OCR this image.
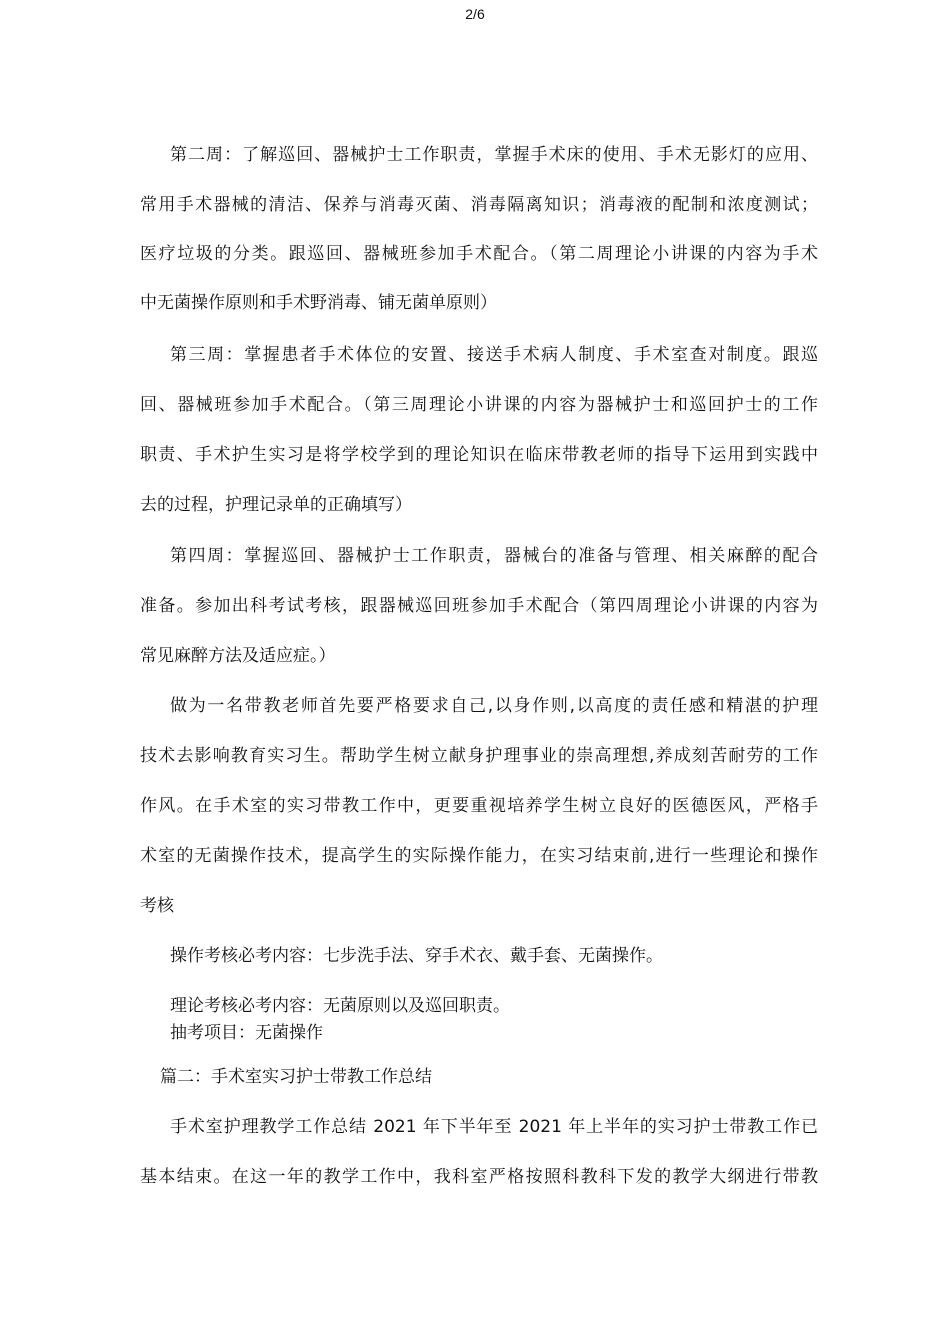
2/6
第二周：了解巡回、器械护士工作职责，掌握手术床的使用、手术无影灯的应用、
常用手术器械的清洁、保养与消毒灭菌、消毒隔离知识；消毒液的配制和浓度测试；
医疗垃圾的分类。跟巡回、器械班参加手术配合。（第二周理论小讲课的内容为手术
中无菌操作原则和手术野消毒、铺无菌单原则）
第三周：掌握患者手术体位的安置、接送手术病人制度、手术室查对制度。跟巡
回、器械班参加手术配合。（第三周理论小讲课的内容为器械护士和巡回护士的工作
职责、手术护生实习是将学校学到的理论知识在临床带教老师的指导下运用到实践中
去的过程，护理记录单的正确填写）
第四周：掌握巡回、器械护士工作职责，器械台的准备与管理、相关麻醉的配合
准备。参加出科考试考核，跟器械巡回班参加手术配合（第四周理论小讲课的内容为
常见麻醉方法及适应症。）
做为一名带教老师首先要严格要求自己,以身作则,以高度的责任感和精湛的护理
技术去影响教育实习生。帮助学生树立献身护理事业的崇高理想,养成刻苦耐劳的工作
作风。在手术室的实习带教工作中，更要重视培养学生树立良好的医德医风，严格手
术室的无菌操作技术，提高学生的实际操作能力，在实习结束前,进行一些理论和操作
考核
操作考核必考内容：七步洗手法、穿手术衣、戴手套、无菌操作。
理论考核必考内容：无菌原则以及巡回职责。
抽考项目：无菌操作
篇二：手术室实习护士带教工作总结
手术室护理教学工作总结 2021 年下半年至 2021 年上半年的实习护士带教工作已
基本结束。在这一年的教学工作中，我科室严格按照科教科下发的教学大纲进行带教
